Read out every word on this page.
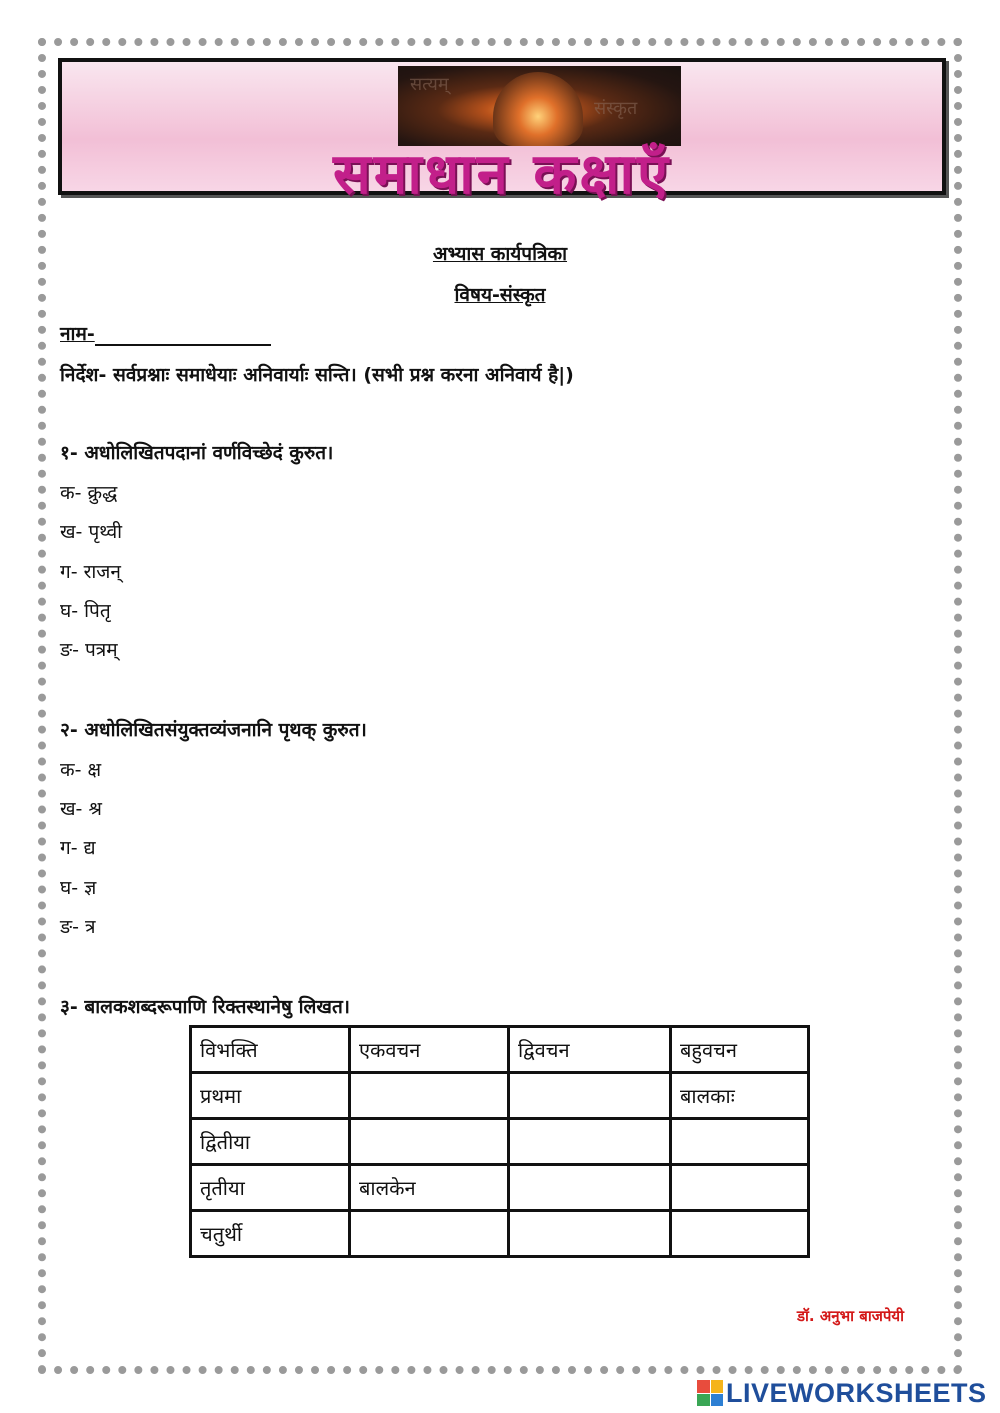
सत्यम्
संस्कृत
समाधान कक्षाएँ
अभ्यास कार्यपत्रिका
विषय-संस्कृत
नाम-
निर्देश- सर्वप्रश्नाः समाधेयाः अनिवार्याः सन्ति। (सभी प्रश्न करना अनिवार्य है|)
१- अधोलिखितपदानां वर्णविच्छेदं कुरुत।
क- क्रुद्ध
ख- पृथ्वी
ग- राजन्
घ- पितृ
ङ- पत्रम्
२- अधोलिखितसंयुक्तव्यंजनानि पृथक् कुरुत।
क- क्ष
ख- श्र
ग- द्य
घ- ज्ञ
ङ- त्र
३- बालकशब्दरूपाणि रिक्तस्थानेषु लिखत।
विभक्ति	एकवचन	द्विवचन	बहुवचन
प्रथमा			बालकाः
द्वितीया			
तृतीया	बालकेन		
चतुर्थी			
डॉ. अनुभा बाजपेयी
LIVEWORKSHEETS
